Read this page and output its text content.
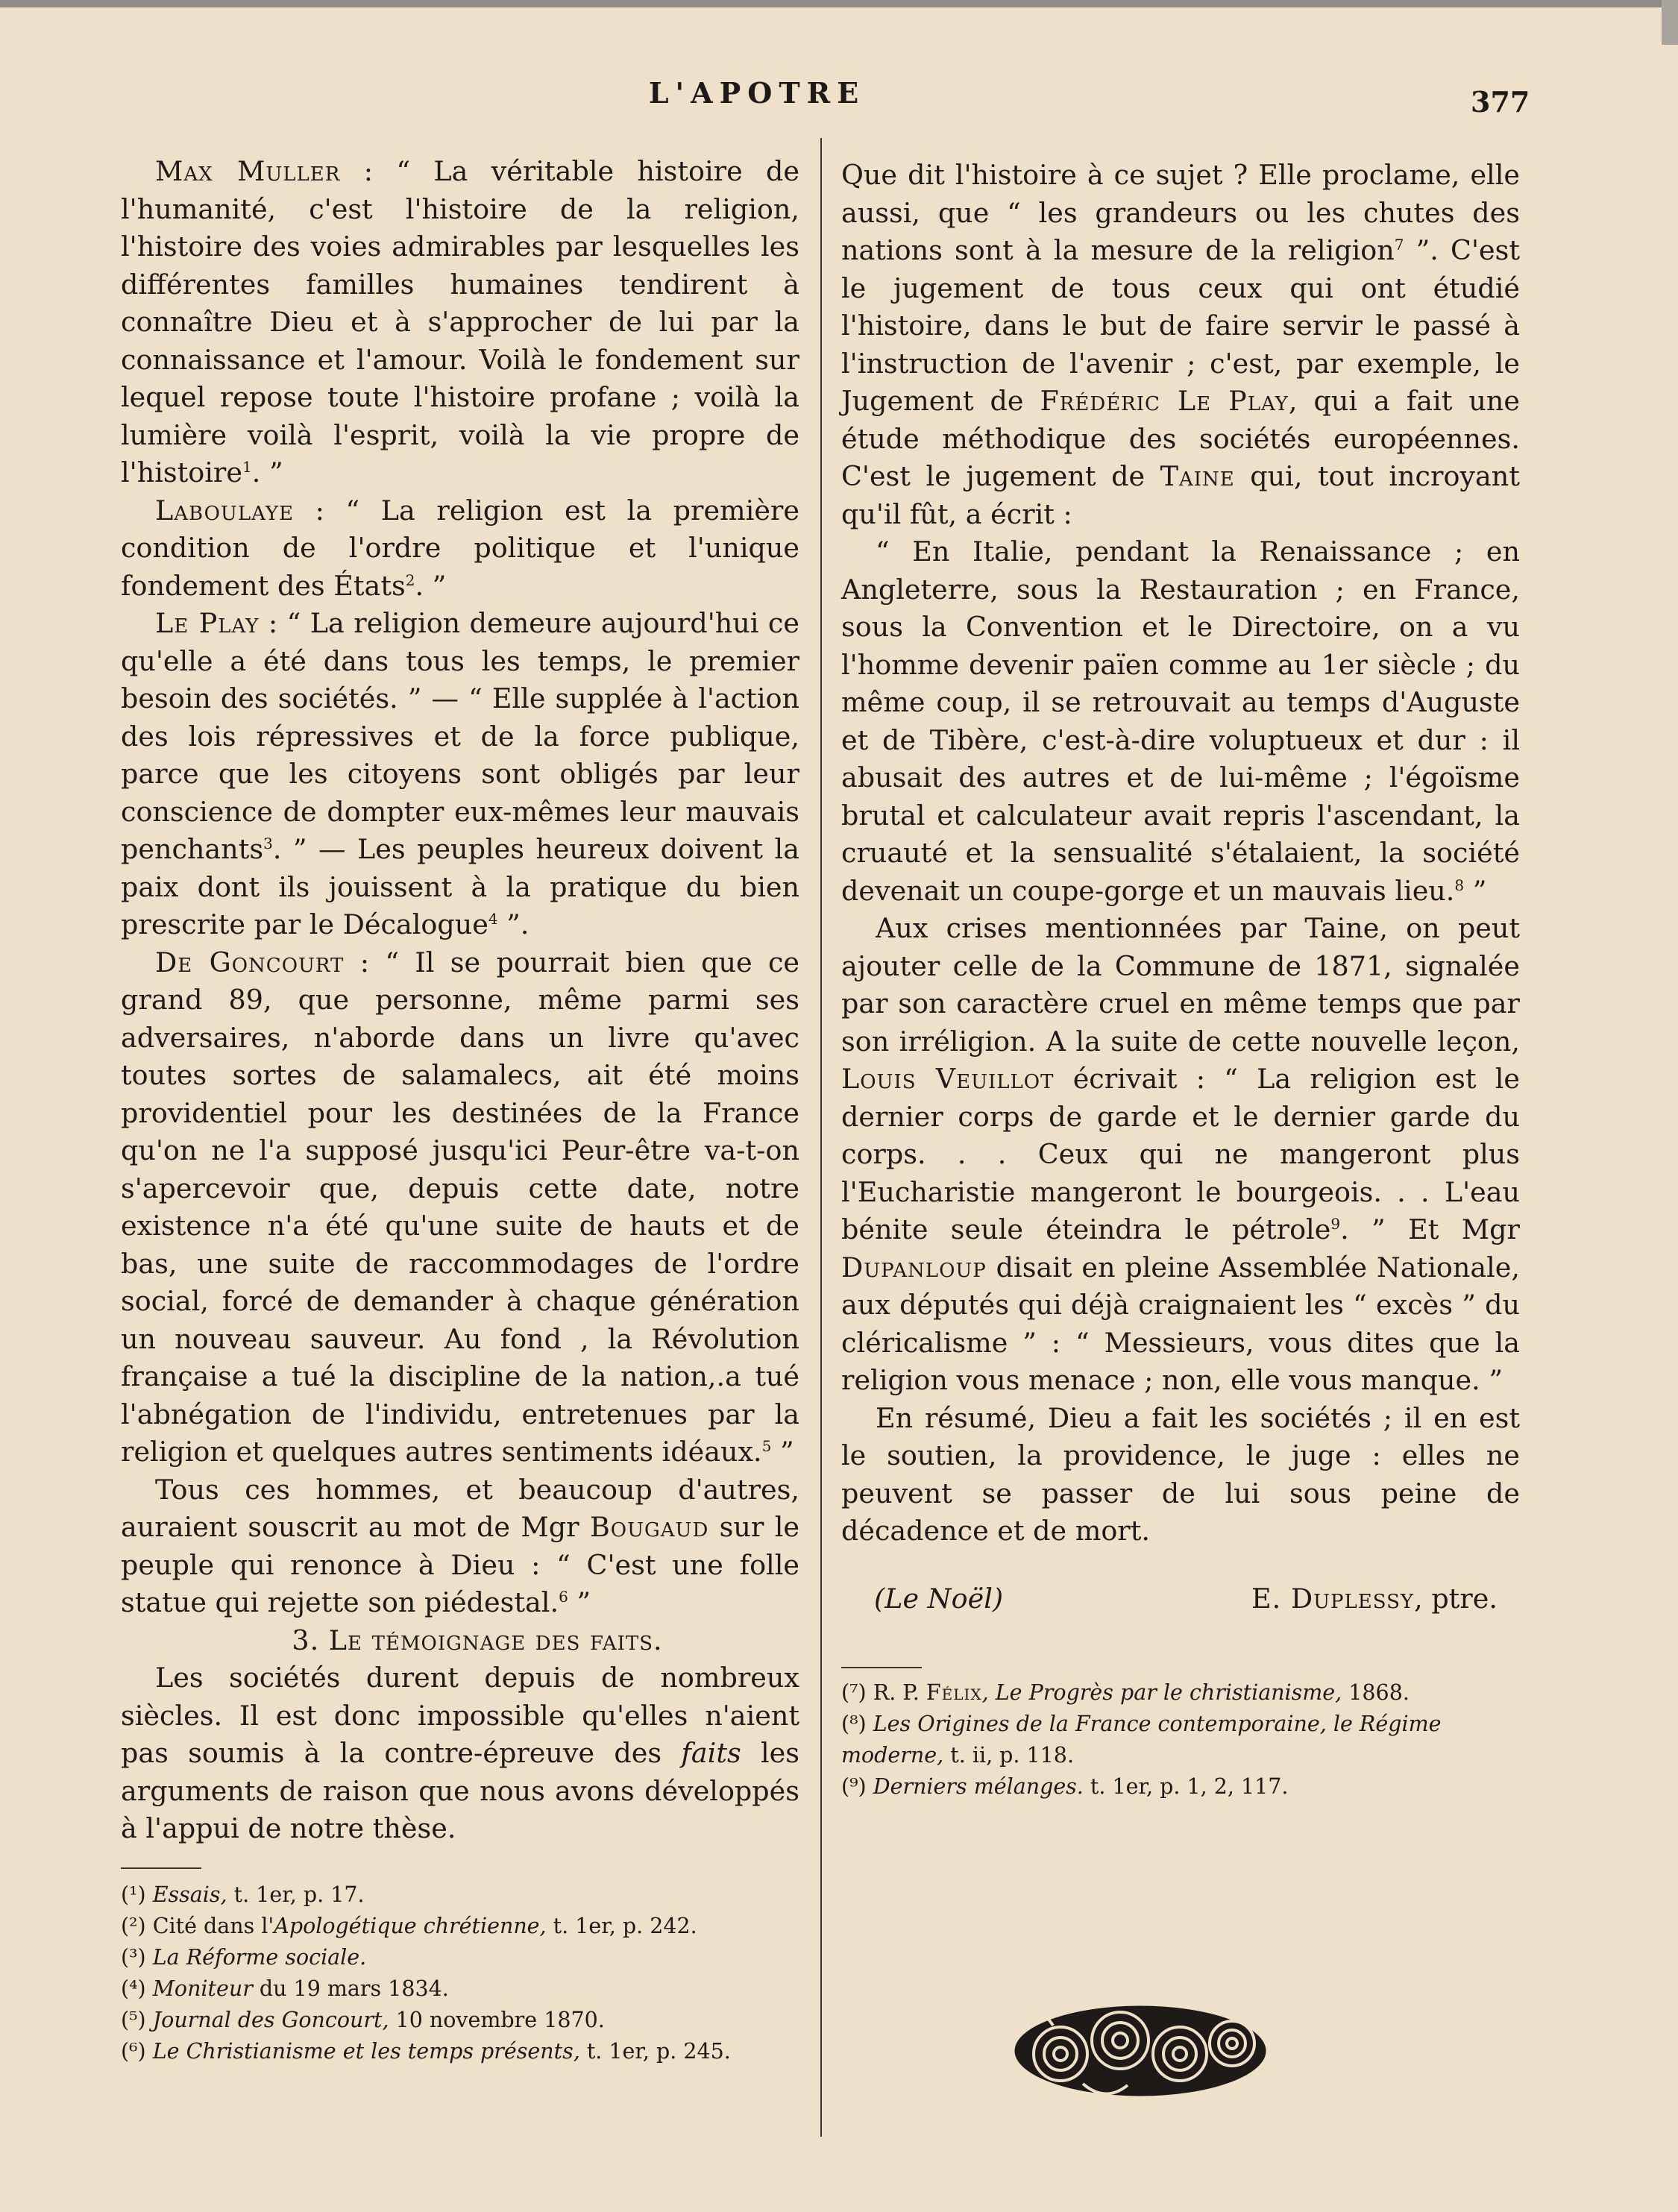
L'APOTRE	377

Max Muller : “ La véritable histoire de l'humanité, c'est l'histoire de la religion, l'histoire des voies admirables par lesquelles les différentes familles humaines tendirent à connaître Dieu et à s'approcher de lui par la connaissance et l'amour. Voilà le fondement sur lequel repose toute l'histoire profane ; voilà la lumière voilà l'esprit, voilà la vie propre de l'histoire$^1$. ”

Laboulaye : “ La religion est la première condition de l'ordre politique et l'unique fondement des États$^2$. ”

Le Play : “ La religion demeure aujourd'hui ce qu'elle a été dans tous les temps, le premier besoin des sociétés. ” — “ Elle supplée à l'action des lois répressives et de la force publique, parce que les citoyens sont obligés par leur conscience de dompter eux-mêmes leur mauvais penchants$^3$. ” — Les peuples heureux doivent la paix dont ils jouissent à la pratique du bien prescrite par le Décalogue$^4$ ”.

De Goncourt : “ Il se pourrait bien que ce grand 89, que personne, même parmi ses adversaires, n'aborde dans un livre qu'avec toutes sortes de salamalecs, ait été moins providentiel pour les destinées de la France qu'on ne l'a supposé jusqu'ici Peur-être va-t-on s'apercevoir que, depuis cette date, notre existence n'a été qu'une suite de hauts et de bas, une suite de raccommodages de l'ordre social, forcé de demander à chaque génération un nouveau sauveur. Au fond , la Révolution française a tué la discipline de la nation,.a tué l'abnégation de l'individu, entretenues par la religion et quelques autres sentiments idéaux.$^5$ ”

Tous ces hommes, et beaucoup d'autres, auraient souscrit au mot de Mgr Bougaud sur le peuple qui renonce à Dieu : “ C'est une folle statue qui rejette son piédestal.$^6$ ”

3. Le témoignage des faits.

Les sociétés durent depuis de nombreux siècles. Il est donc impossible qu'elles n'aient pas soumis à la contre-épreuve des faits les arguments de raison que nous avons développés à l'appui de notre thèse.

(¹) Essais, t. 1er, p. 17.
(²) Cité dans l'Apologétique chrétienne, t. 1er, p. 242.
(³) La Réforme sociale.
(⁴) Moniteur du 19 mars 1834.
(⁵) Journal des Goncourt, 10 novembre 1870.
(⁶) Le Christianisme et les temps présents, t. 1er, p. 245.

Que dit l'histoire à ce sujet ? Elle proclame, elle aussi, que “ les grandeurs ou les chutes des nations sont à la mesure de la religion$^7$ ”. C'est le jugement de tous ceux qui ont étudié l'histoire, dans le but de faire servir le passé à l'instruction de l'avenir ; c'est, par exemple, le Jugement de Frédéric Le Play, qui a fait une étude méthodique des sociétés européennes. C'est le jugement de Taine qui, tout incroyant qu'il fût, a écrit :

“ En Italie, pendant la Renaissance ; en Angleterre, sous la Restauration ; en France, sous la Convention et le Directoire, on a vu l'homme devenir païen comme au 1er siècle ; du même coup, il se retrouvait au temps d'Auguste et de Tibère, c'est-à-dire voluptueux et dur : il abusait des autres et de lui-même ; l'égoïsme brutal et calculateur avait repris l'ascendant, la cruauté et la sensualité s'étalaient, la société devenait un coupe-gorge et un mauvais lieu.$^8$ ”

Aux crises mentionnées par Taine, on peut ajouter celle de la Commune de 1871, signalée par son caractère cruel en même temps que par son irréligion. A la suite de cette nouvelle leçon, Louis Veuillot écrivait : “ La religion est le dernier corps de garde et le dernier garde du corps. . . Ceux qui ne mangeront plus l'Eucharistie mangeront le bourgeois. . . L'eau bénite seule éteindra le pétrole$^9$. ” Et Mgr Dupanloup disait en pleine Assemblée Nationale, aux députés qui déjà craignaient les “ excès ” du cléricalisme ” : “ Messieurs, vous dites que la religion vous menace ; non, elle vous manque. ”

En résumé, Dieu a fait les sociétés ; il en est le soutien, la providence, le juge : elles ne peuvent se passer de lui sous peine de décadence et de mort.

(Le Noël)	E. Duplessy, ptre.
(⁷) R. P. Félix, Le Progrès par le christianisme, 1868.
(⁸) Les Origines de la France contemporaine, le Régime moderne, t. ii, p. 118.
(⁹) Derniers mélanges. t. 1er, p. 1, 2, 117.
